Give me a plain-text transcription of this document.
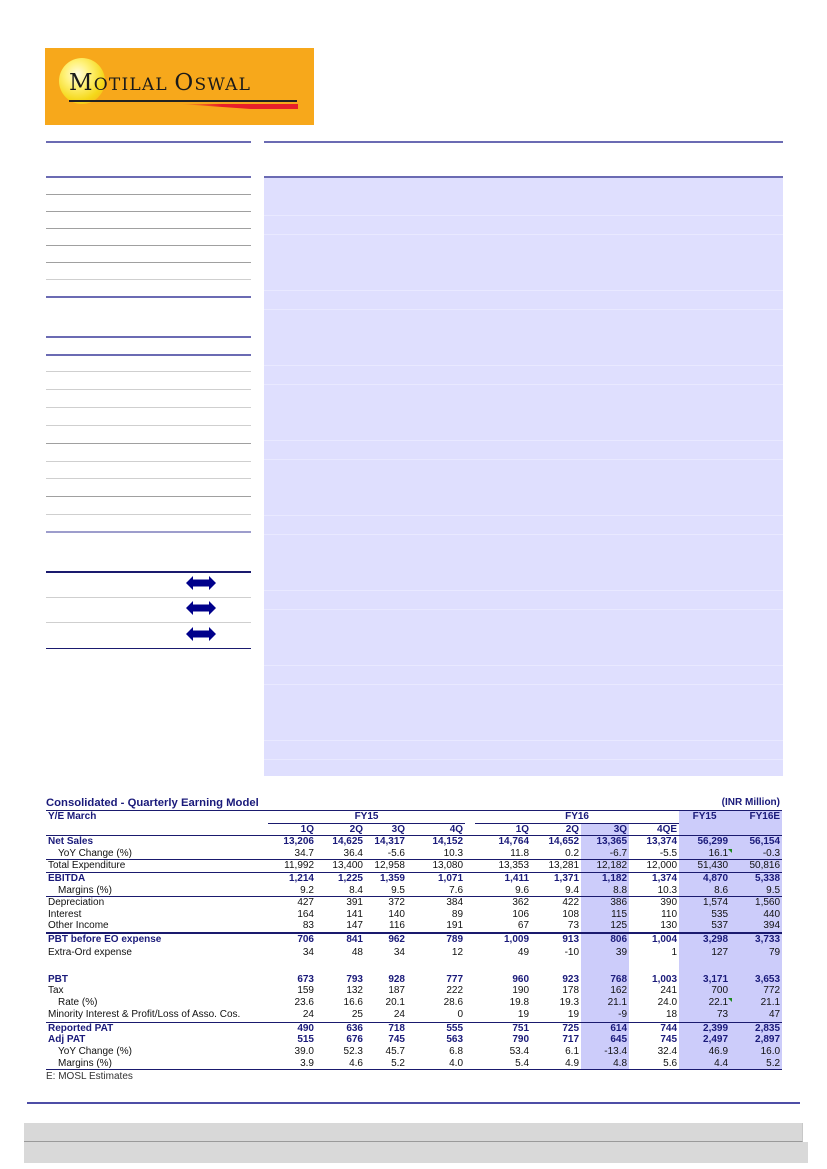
MOTILAL OSWAL
Consolidated - Quarterly Earning Model	(INR Million)
Y/E March	FY15					FY16				FY15	FY16E
	1Q	2Q	3Q	4Q		1Q	2Q	3Q	4QE		
Net Sales	13,206	14,625	14,317	14,152		14,764	14,652	13,365	13,374	56,299	56,154
YoY Change (%)	34.7	36.4	-5.6	10.3		11.8	0.2	-6.7	-5.5	16.1	-0.3
Total Expenditure	11,992	13,400	12,958	13,080		13,353	13,281	12,182	12,000	51,430	50,816
EBITDA	1,214	1,225	1,359	1,071		1,411	1,371	1,182	1,374	4,870	5,338
Margins (%)	9.2	8.4	9.5	7.6		9.6	9.4	8.8	10.3	8.6	9.5
Depreciation	427	391	372	384		362	422	386	390	1,574	1,560
Interest	164	141	140	89		106	108	115	110	535	440
Other Income	83	147	116	191		67	73	125	130	537	394
PBT before EO expense	706	841	962	789		1,009	913	806	1,004	3,298	3,733
Extra-Ord expense	34	48	34	12		49	-10	39	1	127	79

PBT	673	793	928	777		960	923	768	1,003	3,171	3,653
Tax	159	132	187	222		190	178	162	241	700	772
Rate (%)	23.6	16.6	20.1	28.6		19.8	19.3	21.1	24.0	22.1	21.1
Minority Interest & Profit/Loss of Asso. Cos.	24	25	24	0		19	19	-9	18	73	47
Reported PAT	490	636	718	555		751	725	614	744	2,399	2,835
Adj PAT	515	676	745	563		790	717	645	745	2,497	2,897
YoY Change (%)	39.0	52.3	45.7	6.8		53.4	6.1	-13.4	32.4	46.9	16.0
Margins (%)	3.9	4.6	5.2	4.0		5.4	4.9	4.8	5.6	4.4	5.2
E: MOSL Estimates
